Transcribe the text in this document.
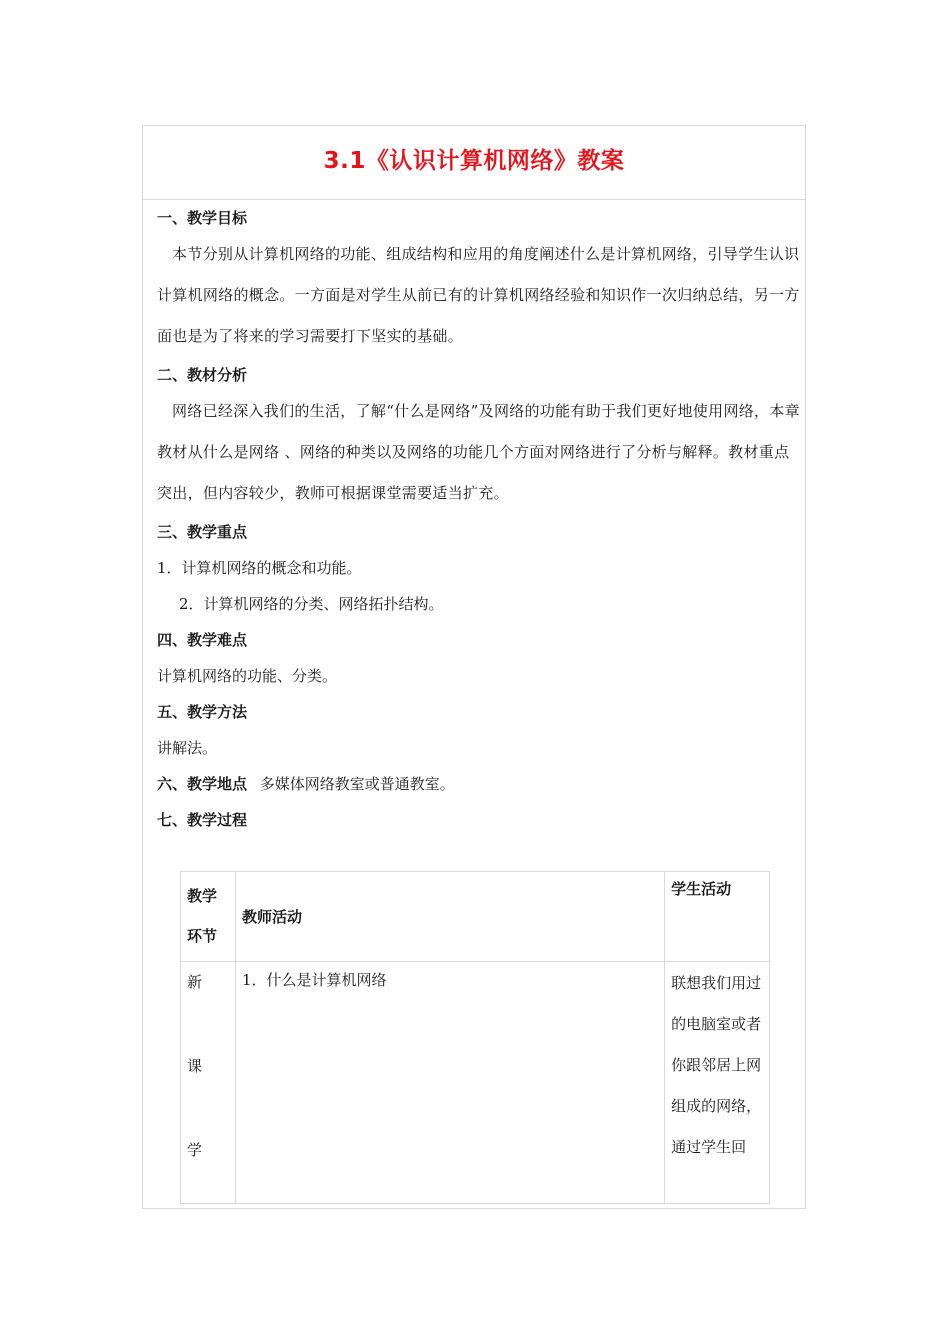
3.1《认识计算机网络》教案
一、教学目标
本节分别从计算机网络的功能、组成结构和应用的角度阐述什么是计算机网络，引导学生认识计算机网络的概念。一方面是对学生从前已有的计算机网络经验和知识作一次归纳总结，另一方面也是为了将来的学习需要打下坚实的基础。
二、教材分析
网络已经深入我们的生活，了解“什么是网络”及网络的功能有助于我们更好地使用网络，本章教材从什么是网络 、网络的种类以及网络的功能几个方面对网络进行了分析与解释。教材重点突出，但内容较少，教师可根据课堂需要适当扩充。
三、教学重点
1．计算机网络的概念和功能。
2．计算机网络的分类、网络拓扑结构。
四、教学难点
计算机网络的功能、分类。
五、教学方法
讲解法。
六、教学地点 多媒体网络教室或普通教室。
七、教学过程
教学
环节	教师活动	学生活动

新
课
学	1．什么是计算机网络	联想我们用过的电脑室或者你跟邻居上网组成的网络， 通过学生回
